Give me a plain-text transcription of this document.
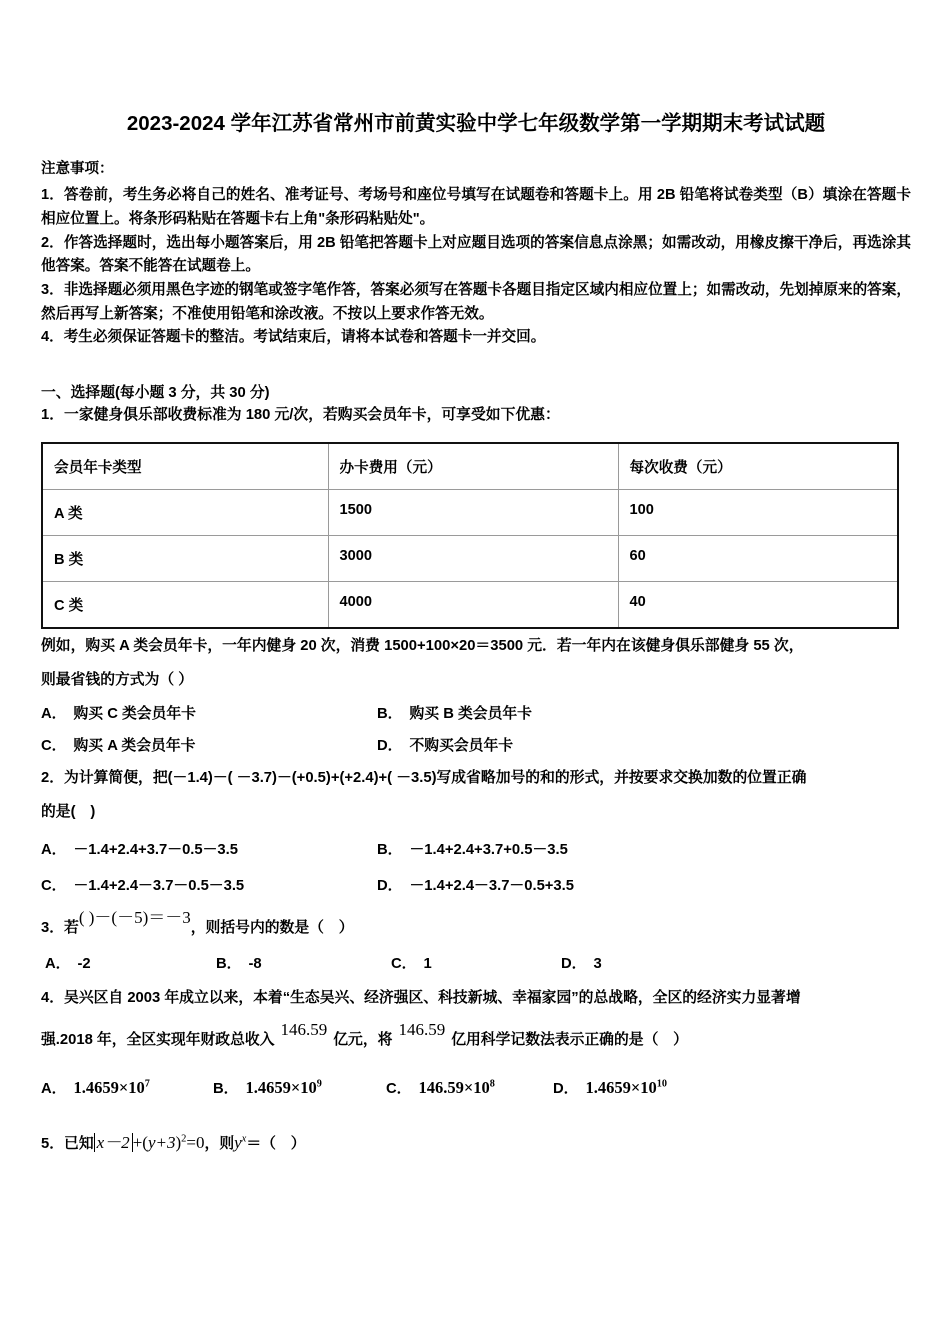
2023-2024 学年江苏省常州市前黄实验中学七年级数学第一学期期末考试试题
注意事项：
1．答卷前，考生务必将自己的姓名、准考证号、考场号和座位号填写在试题卷和答题卡上。用 2B 铅笔将试卷类型（B）填涂在答题卡相应位置上。将条形码粘贴在答题卡右上角"条形码粘贴处"。
2．作答选择题时，选出每小题答案后，用 2B 铅笔把答题卡上对应题目选项的答案信息点涂黑；如需改动，用橡皮擦干净后，再选涂其他答案。答案不能答在试题卷上。
3．非选择题必须用黑色字迹的钢笔或签字笔作答，答案必须写在答题卡各题目指定区域内相应位置上；如需改动，先划掉原来的答案，然后再写上新答案；不准使用铅笔和涂改液。不按以上要求作答无效。
4．考生必须保证答题卡的整洁。考试结束后，请将本试卷和答题卡一并交回。
一、选择题(每小题 3 分，共 30 分)
1．一家健身俱乐部收费标准为 180 元/次，若购买会员年卡，可享受如下优惠：
会员年卡类型	办卡费用（元）	每次收费（元）
A 类	1500	100
B 类	3000	60
C 类	4000	40
例如，购买 A 类会员年卡，一年内健身 20 次，消费 1500+100×20＝3500 元．若一年内在该健身俱乐部健身 55 次，
则最省钱的方式为（ ）
A． 购买 C 类会员年卡	B． 购买 B 类会员年卡
C． 购买 A 类会员年卡	D． 不购买会员年卡
2．为计算简便，把(－1.4)－( －3.7)－(+0.5)+(+2.4)+( －3.5)写成省略加号的和的形式，并按要求交换加数的位置正确
的是(　)
A． －1.4+2.4+3.7－0.5－3.5	B． －1.4+2.4+3.7+0.5－3.5
C． －1.4+2.4－3.7－0.5－3.5	D． －1.4+2.4－3.7－0.5+3.5
3．若( )－(－5)＝－3，则括号内的数是（　）
A． -2	B． -8	C． 1	D． 3
4．吴兴区自 2003 年成立以来，本着“生态吴兴、经济强区、科技新城、幸福家园”的总战略，全区的经济实力显著增
强.2018 年，全区实现年财政总收入146.59亿元，将146.59亿用科学记数法表示正确的是（　）
A． $1.4659\times 10^7$	B． $1.4659\times 10^9$	C． $146.59\times 10^8$	D． $1.4659\times 10^{10}$
5．已知 $x-2 +(y+3)^2=0$，则$y^x=$（　）
